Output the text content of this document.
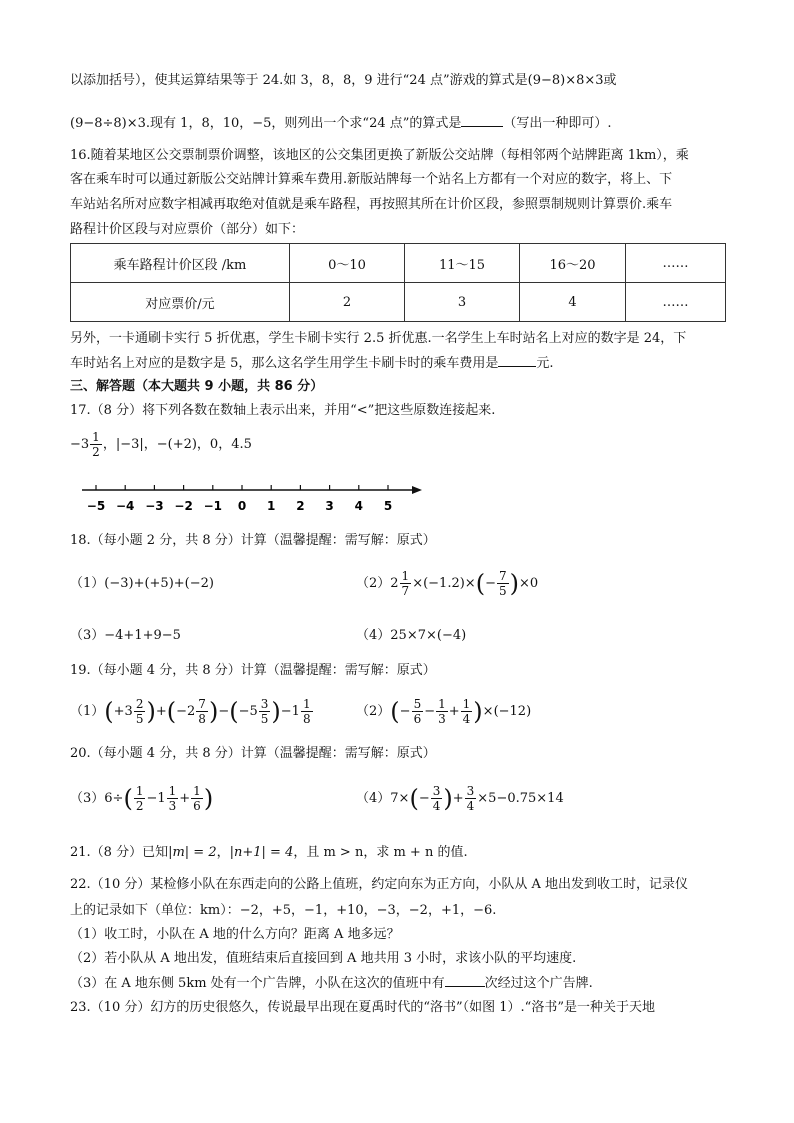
以添加括号），使其运算结果等于 24.如 3，8，8，9 进行“24 点”游戏的算式是(9−8)×8×3或
(9−8÷8)×3.现有 1，8，10，−5，则列出一个求“24 点”的算式是	（写出一种即可）.
16.随着某地区公交票制票价调整，该地区的公交集团更换了新版公交站牌（每相邻两个站牌距离 1km），乘
客在乘车时可以通过新版公交站牌计算乘车费用.新版站牌每一个站名上方都有一个对应的数字，将上、下
车站站名所对应数字相减再取绝对值就是乘车路程，再按照其所在计价区段，参照票制规则计算票价.乘车
路程计价区段与对应票价（部分）如下：
乘车路程计价区段 /km	0～10	11～15	16～20	……
对应票价/元	2	3	4	……
另外，一卡通刷卡实行 5 折优惠，学生卡刷卡实行 2.5 折优惠.一名学生上车时站名上对应的数字是 24，下
车时站名上对应的是数字是 5，那么这名学生用学生卡刷卡时的乘车费用是	元.
三、解答题（本大题共 9 小题，共 86 分）
17.（8 分）将下列各数在数轴上表示出来，并用“<”把这些原数连接起来.
$-3 \frac{1}{2}$ ，|−3|，−(+2)，0，4.5
−5 −4 −3 −2 −1 0 1 2 3 4 5
18.（每小题 2 分，共 8 分）计算（温馨提醒：需写解：原式）
（1）(−3)+(+5)+(−2)	$(2)2 \frac{1}{7} \times(-1.2)\times(- \frac{7}{5} )\times 0$
（3）−4+1+9−5	（4）25×7×(−4)
19.（每小题 4 分，共 8 分）计算（温馨提醒：需写解：原式）
$(1)(+3 \frac{2}{5} )+(-2 \frac{7}{8} )-(-5 \frac{3}{5} )-1 \frac{1}{8}$	$(2)(- \frac{5}{6} - \frac{1}{3} + \frac{1}{4} )\times(-12)$
20.（每小题 4 分，共 8 分）计算（温馨提醒：需写解：原式）
$(3)6\div( \frac{1}{2} -1 \frac{1}{3} + \frac{1}{6}$ )	$(4)7\times(- \frac{3}{4}$ )+ $\frac{3}{4} \times 5-0.75\times 14$
21.（8 分）已知|m| = 2，|n+1| = 4，且 m > n，求 m + n 的值.
22.（10 分）某检修小队在东西走向的公路上值班，约定向东为正方向，小队从 A 地出发到收工时，记录仪
上的记录如下（单位：km）：−2，+5，−1，+10，−3，−2，+1，−6.
（1）收工时，小队在 A 地的什么方向？距离 A 地多远？
（2）若小队从 A 地出发，值班结束后直接回到 A 地共用 3 小时，求该小队的平均速度.
（3）在 A 地东侧 5km 处有一个广告牌，小队在这次的值班中有	次经过这个广告牌.
23.（10 分）幻方的历史很悠久，传说最早出现在夏禹时代的“洛书”（如图 1）.“洛书”是一种关于天地
